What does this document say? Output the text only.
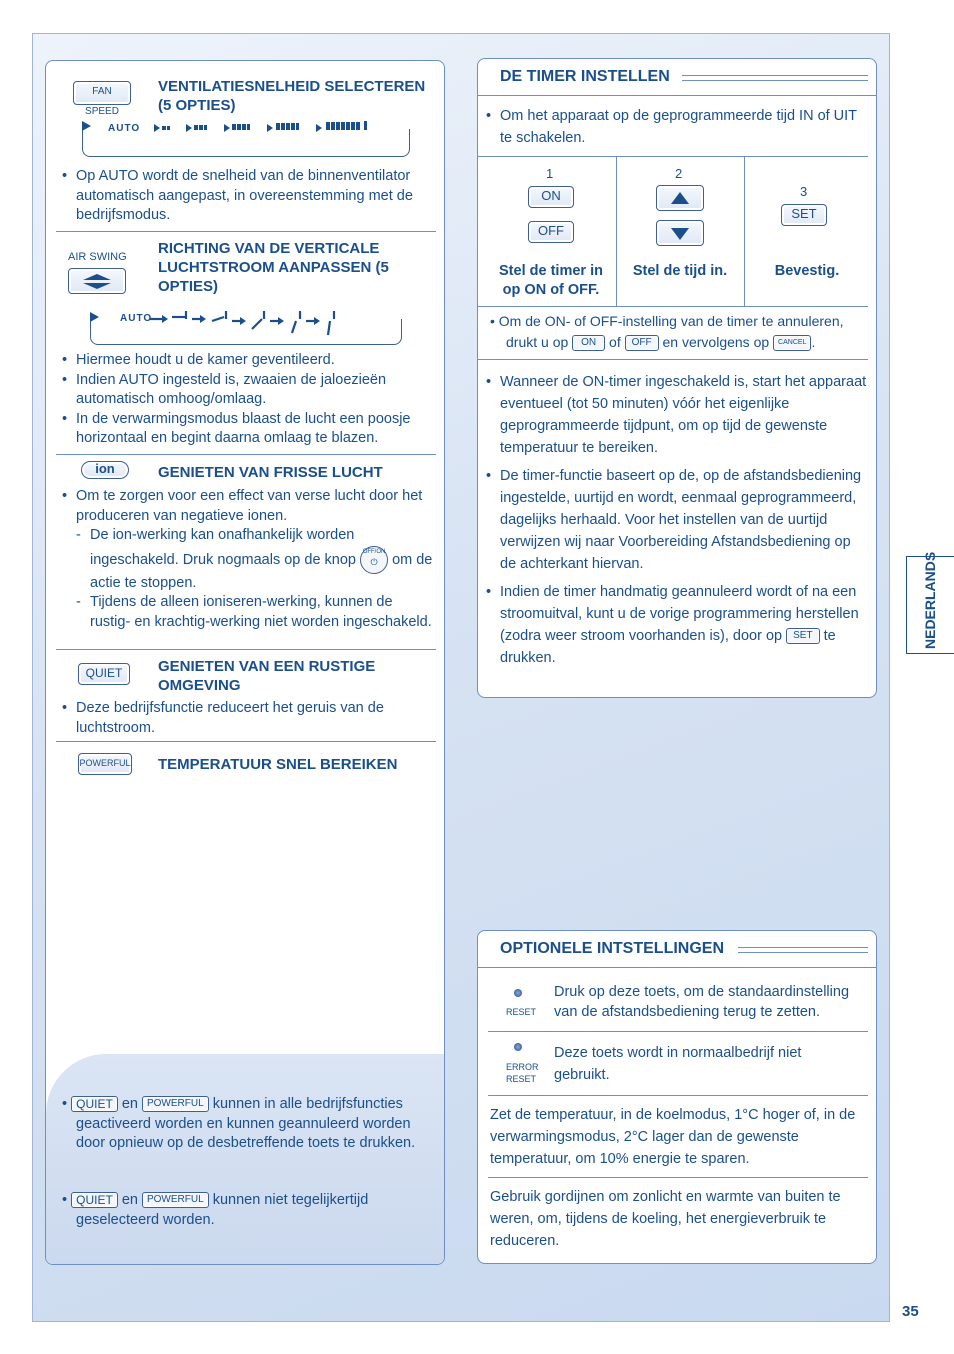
FAN SPEED
VENTILATIESNELHEID SELECTEREN (5 OPTIES)
AUTO
• Op AUTO wordt de snelheid van de binnenventilator automatisch aangepast, in overeenstemming met de bedrijfsmodus.
AIR SWING RICHTING VAN DE VERTICALE LUCHTSTROOM AANPASSEN (5 OPTIES)
AUTO
• Hiermee houdt u de kamer geventileerd.
• Indien AUTO ingesteld is, zwaaien de jaloezieën automatisch omhoog/omlaag.
• In de verwarmingsmodus blaast de lucht een poosje horizontaal en begint daarna omlaag te blazen.
ion	GENIETEN VAN FRISSE LUCHT
• Om te zorgen voor een effect van verse lucht door het produceren van negatieve ionen.
- De ion-werking kan onafhankelijk worden ingeschakeld. Druk nogmaals op de knop OFF/ON
⏻ om de actie te stoppen.
- Tijdens de alleen ioniseren-werking, kunnen de rustig- en krachtig-werking niet worden ingeschakeld.
QUIET	GENIETEN VAN EEN RUSTIGE OMGEVING
• Deze bedrijfsfunctie reduceert het geruis van de luchtstroom.
POWERFUL TEMPERATUUR SNEL BEREIKEN
• QUIET en POWERFUL kunnen in alle bedrijfsfuncties
geactiveerd worden en kunnen geannuleerd worden door opnieuw op de desbetreffende toets te drukken.
• QUIET en POWERFUL kunnen niet tegelijkertijd
geselecteerd worden.
DE TIMER INSTELLEN
• Om het apparaat op de geprogrammeerde tijd IN of UIT te schakelen.
1
ON
OFF
Stel de timer in op ON of OFF.
2
Stel de tijd in.
3
SET
Bevestig.
• Om de ON- of OFF-instelling van de timer te annuleren,
drukt u op ON of OFF en vervolgens op CANCEL .
• Wanneer de ON-timer ingeschakeld is, start het apparaat eventueel (tot 50 minuten) vóór het eigenlijke geprogrammeerde tijdpunt, om op tijd de gewenste temperatuur te bereiken.
• De timer-functie baseert op de, op de afstandsbediening ingestelde, uurtijd en wordt, eenmaal geprogrammeerd, dagelijks herhaald. Voor het instellen van de uurtijd verwijzen wij naar Voorbereiding Afstandsbediening op de achterkant hiervan.
• Indien de timer handmatig geannuleerd wordt of na een stroomuitval, kunt u de vorige programmering herstellen (zodra weer stroom voorhanden is), door op SET te drukken.
OPTIONELE INTSTELLINGEN
RESET
Druk op deze toets, om de standaardinstelling van de afstandsbediening terug te zetten.
ERROR
RESET
Deze toets wordt in normaalbedrijf niet gebruikt.
Zet de temperatuur, in de koelmodus, 1°C hoger of, in de verwarmingsmodus, 2°C lager dan de gewenste temperatuur, om 10% energie te sparen.
Gebruik gordijnen om zonlicht en warmte van buiten te weren, om, tijdens de koeling, het energieverbruik te reduceren.
NEDERLANDS
35
